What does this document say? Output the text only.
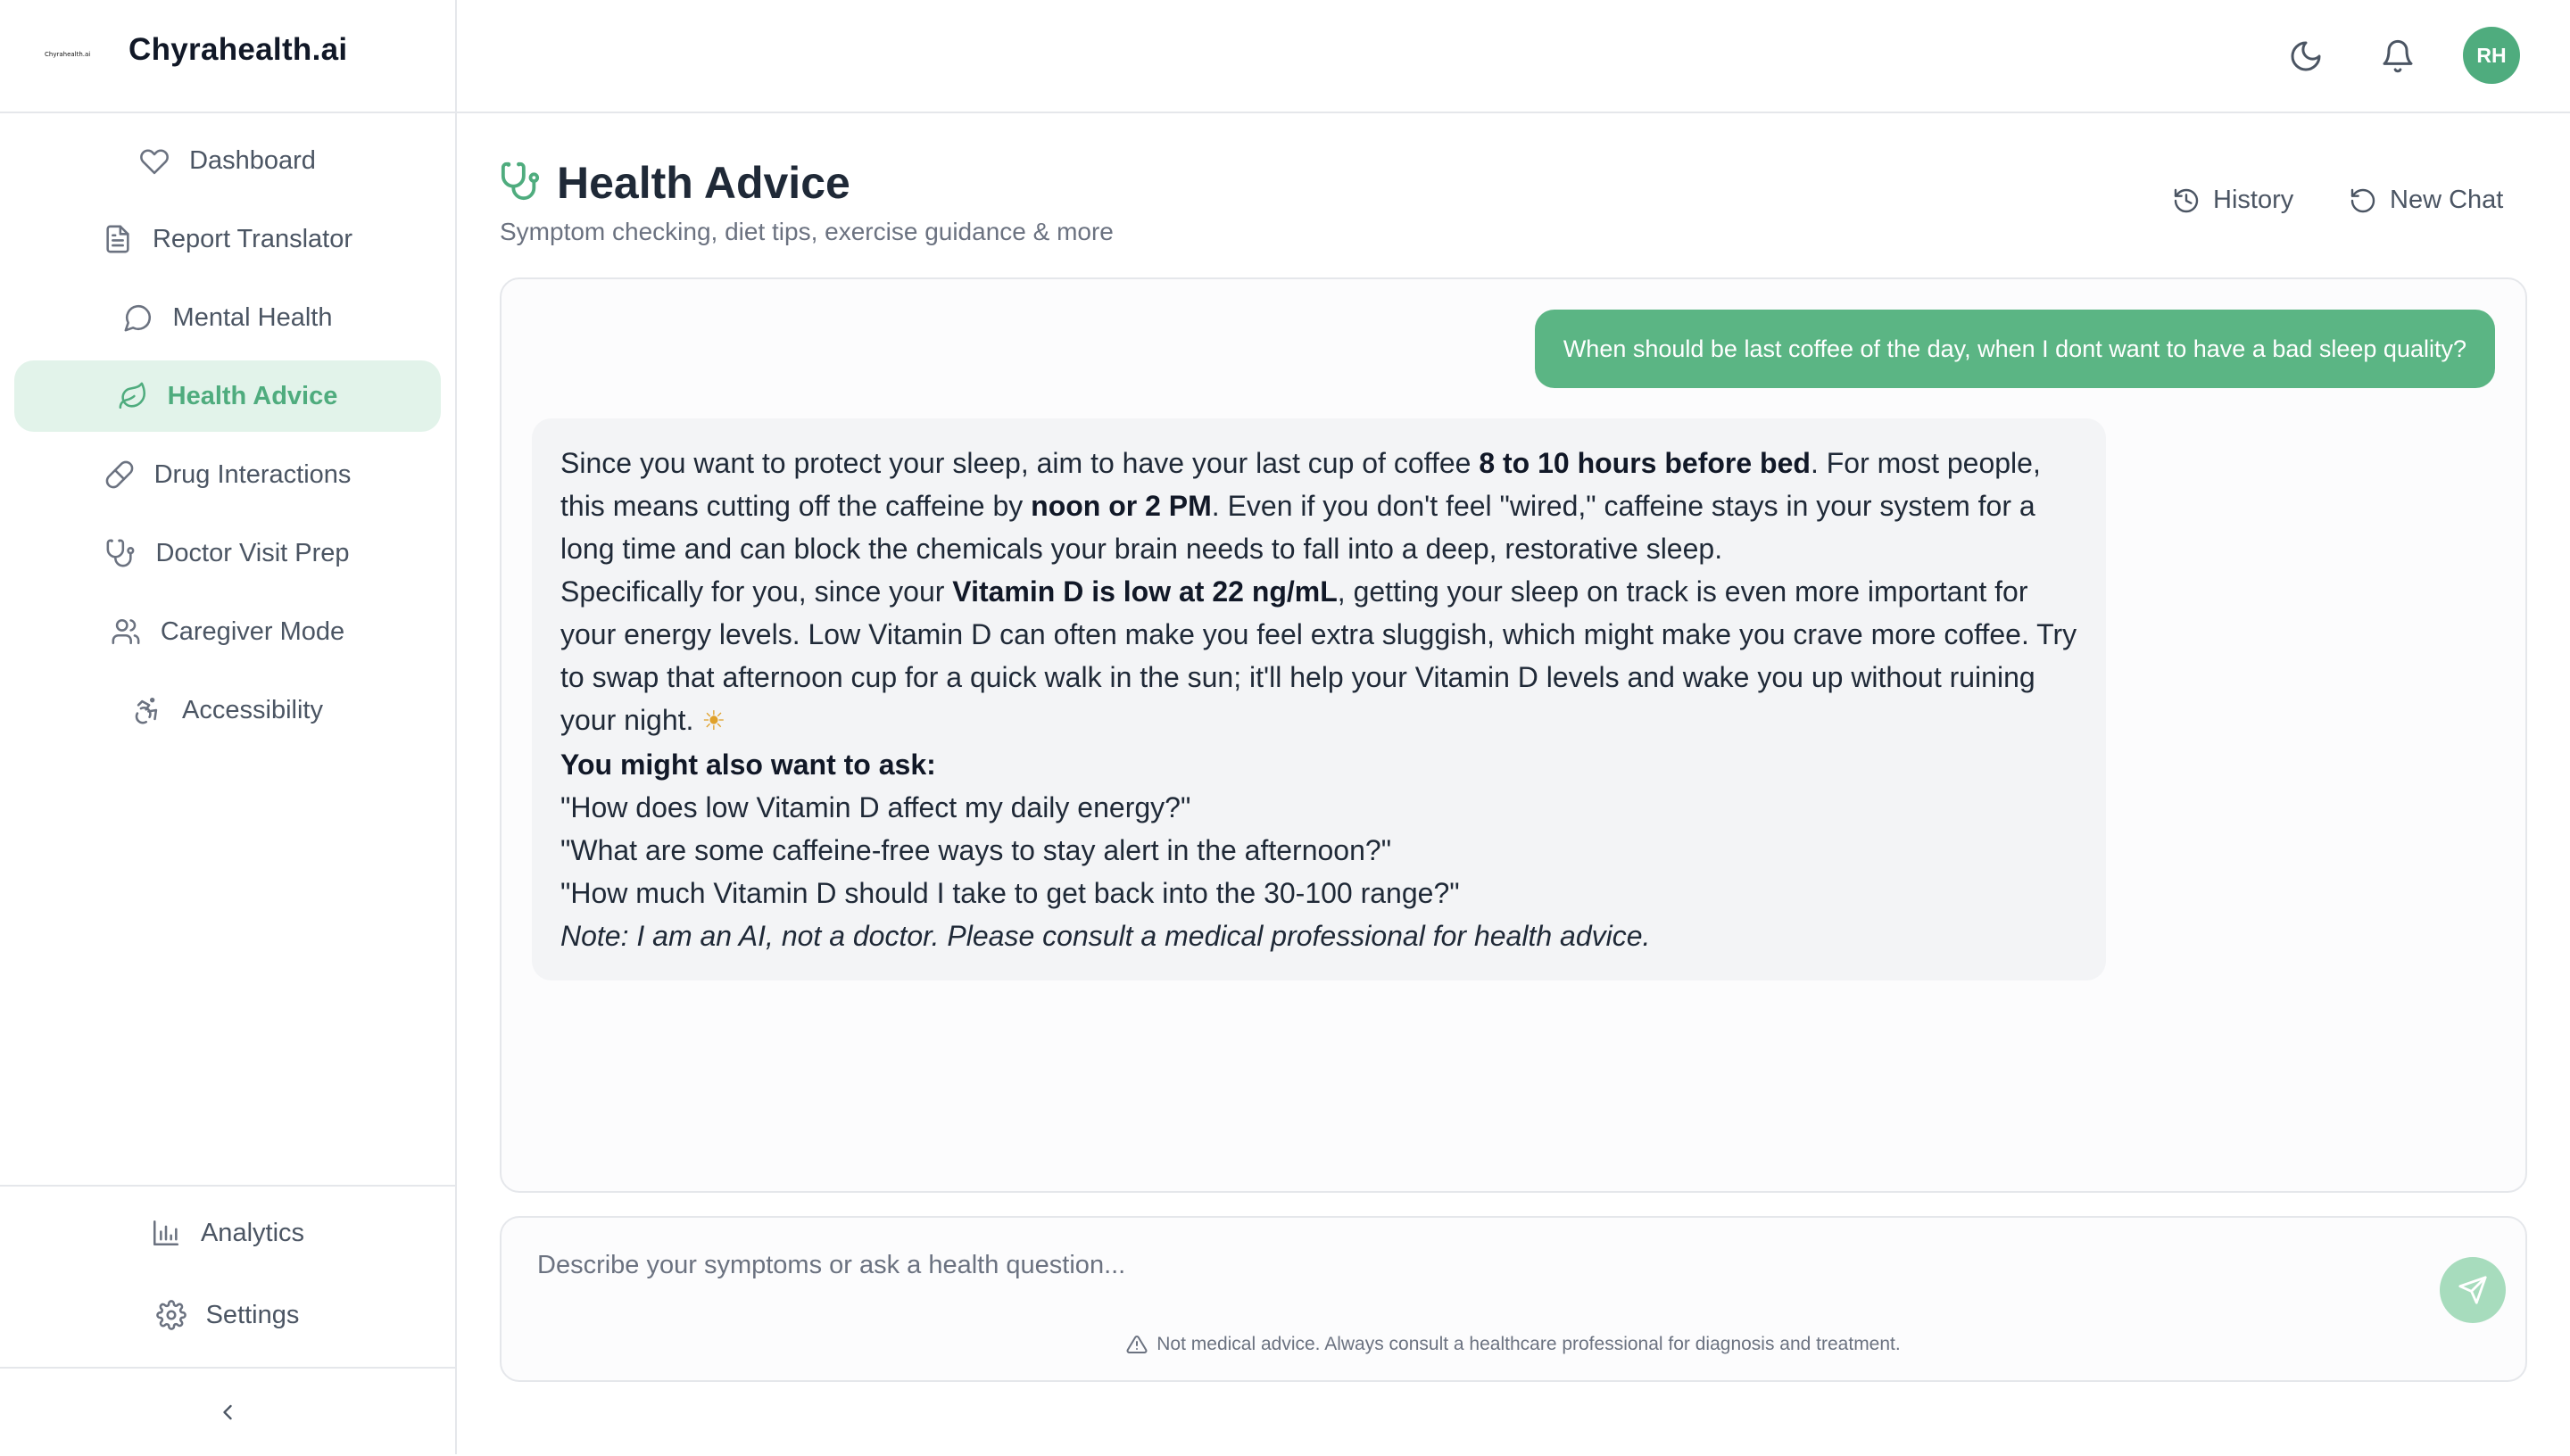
Chyrahealth.ai Chyrahealth.ai
Dashboard
Report Translator
Mental Health
Health Advice
Drug Interactions
Doctor Visit Prep
Caregiver Mode
Accessibility
Analytics
Settings
RH
Health Advice
Symptom checking, diet tips, exercise guidance & more
History	New Chat
When should be last coffee of the day, when I dont want to have a bad sleep quality?

Since you want to protect your sleep, aim to have your last cup of coffee 8 to 10 hours before bed. For most people, this means cutting off the caffeine by noon or 2 PM. Even if you don't feel "wired," caffeine stays in your system for a long time and can block the chemicals your brain needs to fall into a deep, restorative sleep.

Specifically for you, since your Vitamin D is low at 22 ng/mL, getting your sleep on track is even more important for your energy levels. Low Vitamin D can often make you feel extra sluggish, which might make you crave more coffee. Try to swap that afternoon cup for a quick walk in the sun; it'll help your Vitamin D levels and wake you up without ruining your night. ☀

You might also want to ask:

"How does low Vitamin D affect my daily energy?"

"What are some caffeine-free ways to stay alert in the afternoon?"

"How much Vitamin D should I take to get back into the 30-100 range?"

Note: I am an AI, not a doctor. Please consult a medical professional for health advice.

Describe your symptoms or ask a health question...
Not medical advice. Always consult a healthcare professional for diagnosis and treatment.
